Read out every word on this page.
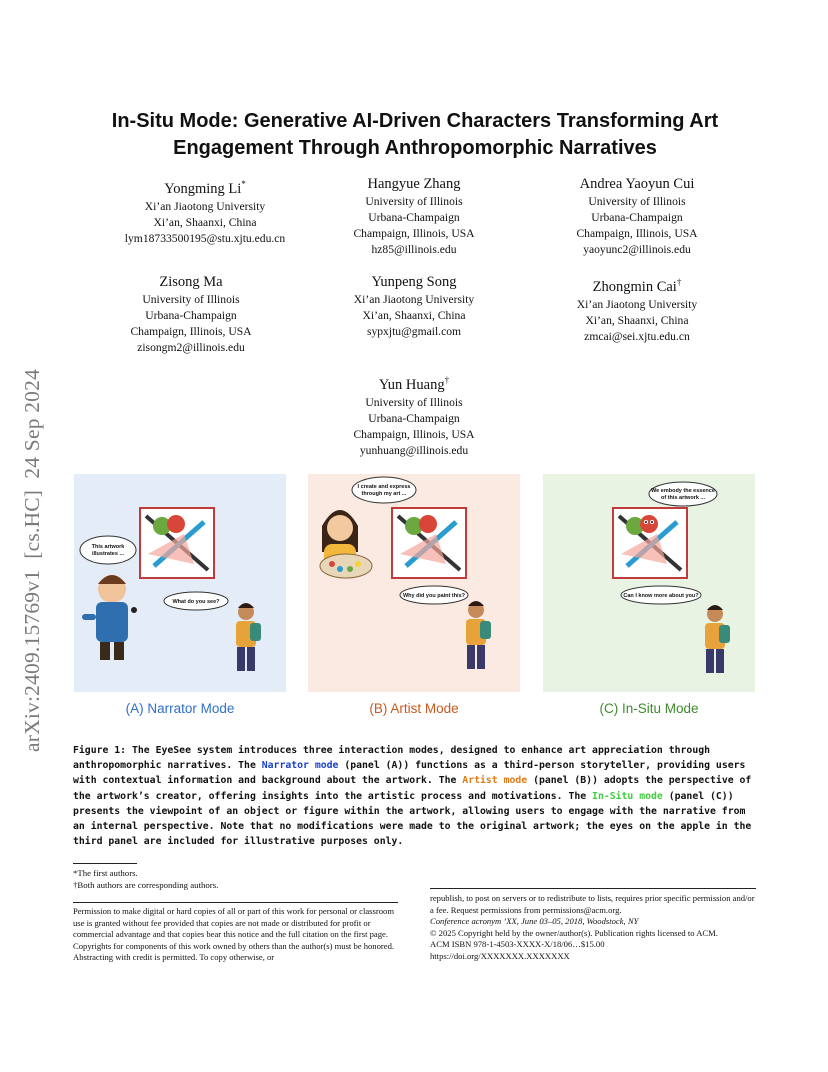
arXiv:2409.15769v1  [cs.HC]  24 Sep 2024
In-Situ Mode: Generative AI-Driven Characters Transforming Art
Engagement Through Anthropomorphic Narratives
Yongming Li*
Xi’an Jiaotong University
Xi’an, Shaanxi, China
lym18733500195@stu.xjtu.edu.cn
Hangyue Zhang
University of Illinois
Urbana-Champaign
Champaign, Illinois, USA
hz85@illinois.edu
Andrea Yaoyun Cui
University of Illinois
Urbana-Champaign
Champaign, Illinois, USA
yaoyunc2@illinois.edu
Zisong Ma
University of Illinois
Urbana-Champaign
Champaign, Illinois, USA
zisongm2@illinois.edu
Yunpeng Song
Xi’an Jiaotong University
Xi’an, Shaanxi, China
sypxjtu@gmail.com
Zhongmin Cai†
Xi’an Jiaotong University
Xi’an, Shaanxi, China
zmcai@sei.xjtu.edu.cn
Yun Huang†
University of Illinois
Urbana-Champaign
Champaign, Illinois, USA
yunhuang@illinois.edu
This artwork
illustrates ...
What do you see?
I create and express
through my art ...
Why did you paint this?
We embody the essence
of this artwork ...
Can I know more about you?
(A) Narrator Mode	(B) Artist Mode	(C) In-Situ Mode
Figure 1: The EyeSee system introduces three interaction modes, designed to enhance art appreciation through anthropomorphic narratives. The Narrator mode (panel (A)) functions as a third-person storyteller, providing users with contextual information and background about the artwork. The Artist mode (panel (B)) adopts the perspective of the artwork’s creator, offering insights into the artistic process and motivations. The In-Situ mode (panel (C)) presents the viewpoint of an object or figure within the artwork, allowing users to engage with the narrative from an internal perspective. Note that no modifications were made to the original artwork; the eyes on the apple in the third panel are included for illustrative purposes only.
*The first authors.
†Both authors are corresponding authors.
Permission to make digital or hard copies of all or part of this work for personal or classroom use is granted without fee provided that copies are not made or distributed for profit or commercial advantage and that copies bear this notice and the full citation on the first page. Copyrights for components of this work owned by others than the author(s) must be honored. Abstracting with credit is permitted. To copy otherwise, or
republish, to post on servers or to redistribute to lists, requires prior specific permission and/or a fee. Request permissions from permissions@acm.org.
Conference acronym ’XX, June 03–05, 2018, Woodstock, NY
© 2025 Copyright held by the owner/author(s). Publication rights licensed to ACM.
ACM ISBN 978-1-4503-XXXX-X/18/06…$15.00
https://doi.org/XXXXXXX.XXXXXXX
